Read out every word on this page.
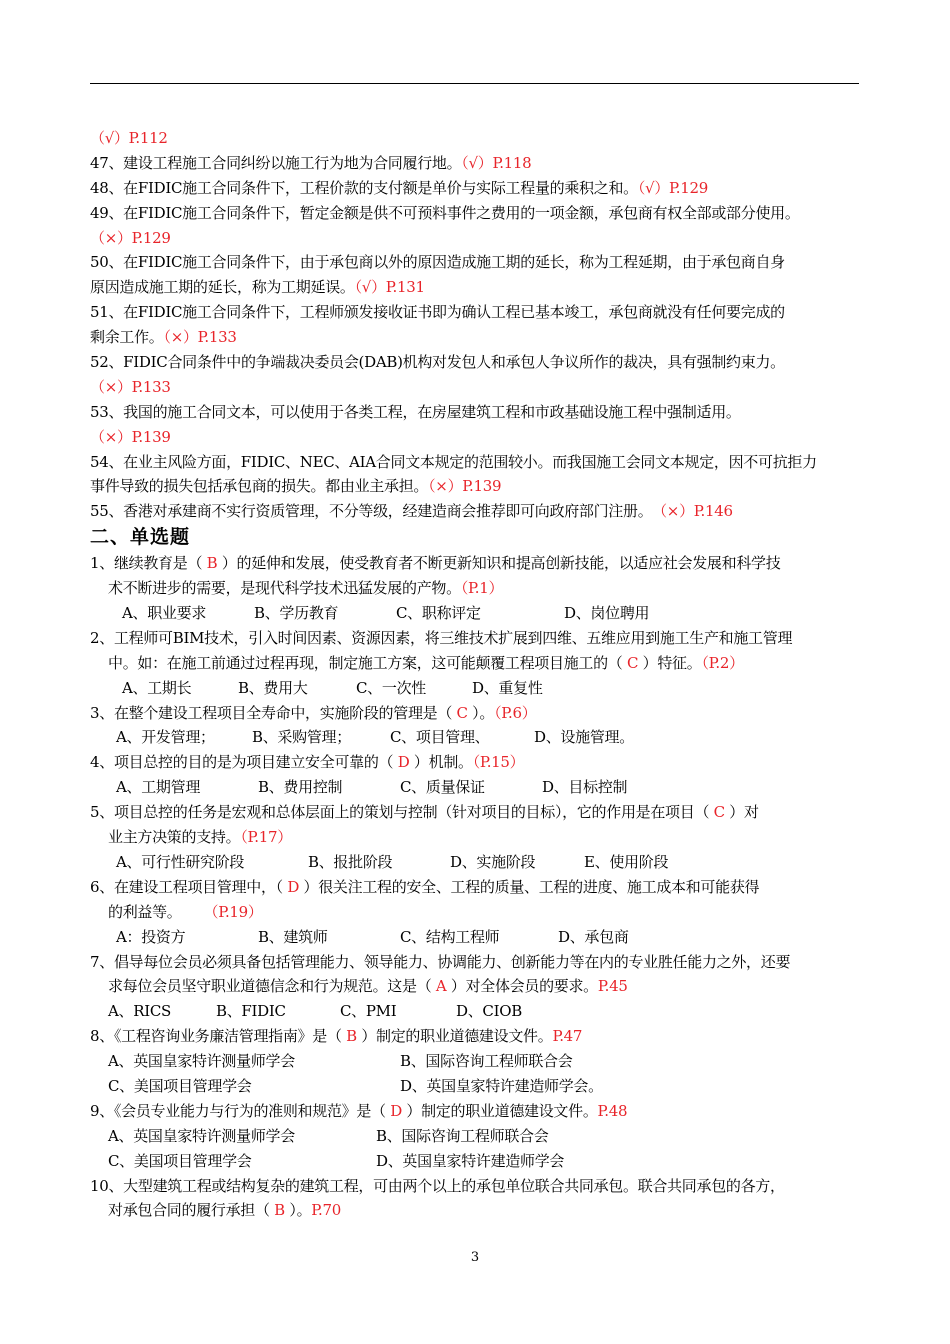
（√）P.112
47、建设工程施工合同纠纷以施工行为地为合同履行地。（√）P.118
48、在FIDIC施工合同条件下，工程价款的支付额是单价与实际工程量的乘积之和。（√）P.129
49、在FIDIC施工合同条件下，暂定金额是供不可预料事件之费用的一项金额，承包商有权全部或部分使用。
（×）P.129
50、在FIDIC施工合同条件下，由于承包商以外的原因造成施工期的延长，称为工程延期，由于承包商自身
原因造成施工期的延长，称为工期延误。（√）P.131
51、在FIDIC施工合同条件下，工程师颁发接收证书即为确认工程已基本竣工，承包商就没有任何要完成的
剩余工作。（×）P.133
52、FIDIC合同条件中的争端裁决委员会(DAB)机构对发包人和承包人争议所作的裁决，具有强制约束力。
（×）P.133
53、我国的施工合同文本，可以使用于各类工程，在房屋建筑工程和市政基础设施工程中强制适用。
（×）P.139
54、在业主风险方面，FIDIC、NEC、AIA合同文本规定的范围较小。而我国施工会同文本规定，因不可抗拒力
事件导致的损失包括承包商的损失。都由业主承担。（×）P.139
55、香港对承建商不实行资质管理，不分等级，经建造商会推荐即可向政府部门注册。　（×）P.146
二、单选题
1、继续教育是（ B ）的延伸和发展，使受教育者不断更新知识和提高创新技能，以适应社会发展和科学技
术不断进步的需要，是现代科学技术迅猛发展的产物。（P.1）
A、职业要求	B、学历教育	C、职称评定	D、岗位聘用
2、工程师可BIM技术，引入时间因素、资源因素，将三维技术扩展到四维、五维应用到施工生产和施工管理
中。如：在施工前通过过程再现，制定施工方案，这可能颠覆工程项目施工的（ C ）特征。（P.2）
A、工期长	B、费用大	C、一次性	D、重复性
3、在整个建设工程项目全寿命中，实施阶段的管理是（ C ）。（P.6）
A、开发管理；	B、采购管理；	C、项目管理、	D、设施管理。
4、项目总控的目的是为项目建立安全可靠的（ D ）机制。（P.15）
A、工期管理	B、费用控制	C、质量保证	D、目标控制
5、项目总控的任务是宏观和总体层面上的策划与控制（针对项目的目标），它的作用是在项目（ C ）对
业主方决策的支持。（P.17）
A、可行性研究阶段	B、报批阶段	D、实施阶段	E、使用阶段
6、在建设工程项目管理中，（ D ）很关注工程的安全、工程的质量、工程的进度、施工成本和可能获得
的利益等。 （P.19）
A：投资方	B、建筑师	C、结构工程师	D、承包商
7、倡导每位会员必须具备包括管理能力、领导能力、协调能力、创新能力等在内的专业胜任能力之外，还要
求每位会员坚守职业道德信念和行为规范。这是（ A ）对全体会员的要求。P.45
A、RICS	B、FIDIC	C、PMI	D、CIOB
8、《工程咨询业务廉洁管理指南》是（ B ）制定的职业道德建设文件。P.47
A、英国皇家特许测量师学会	B、国际咨询工程师联合会
C、美国项目管理学会	D、英国皇家特许建造师学会。
9、《会员专业能力与行为的准则和规范》是（ D ）制定的职业道德建设文件。P.48
A、英国皇家特许测量师学会	B、国际咨询工程师联合会
C、美国项目管理学会	D、英国皇家特许建造师学会
10、大型建筑工程或结构复杂的建筑工程，可由两个以上的承包单位联合共同承包。联合共同承包的各方，
对承包合同的履行承担（ B ）。P.70
3
